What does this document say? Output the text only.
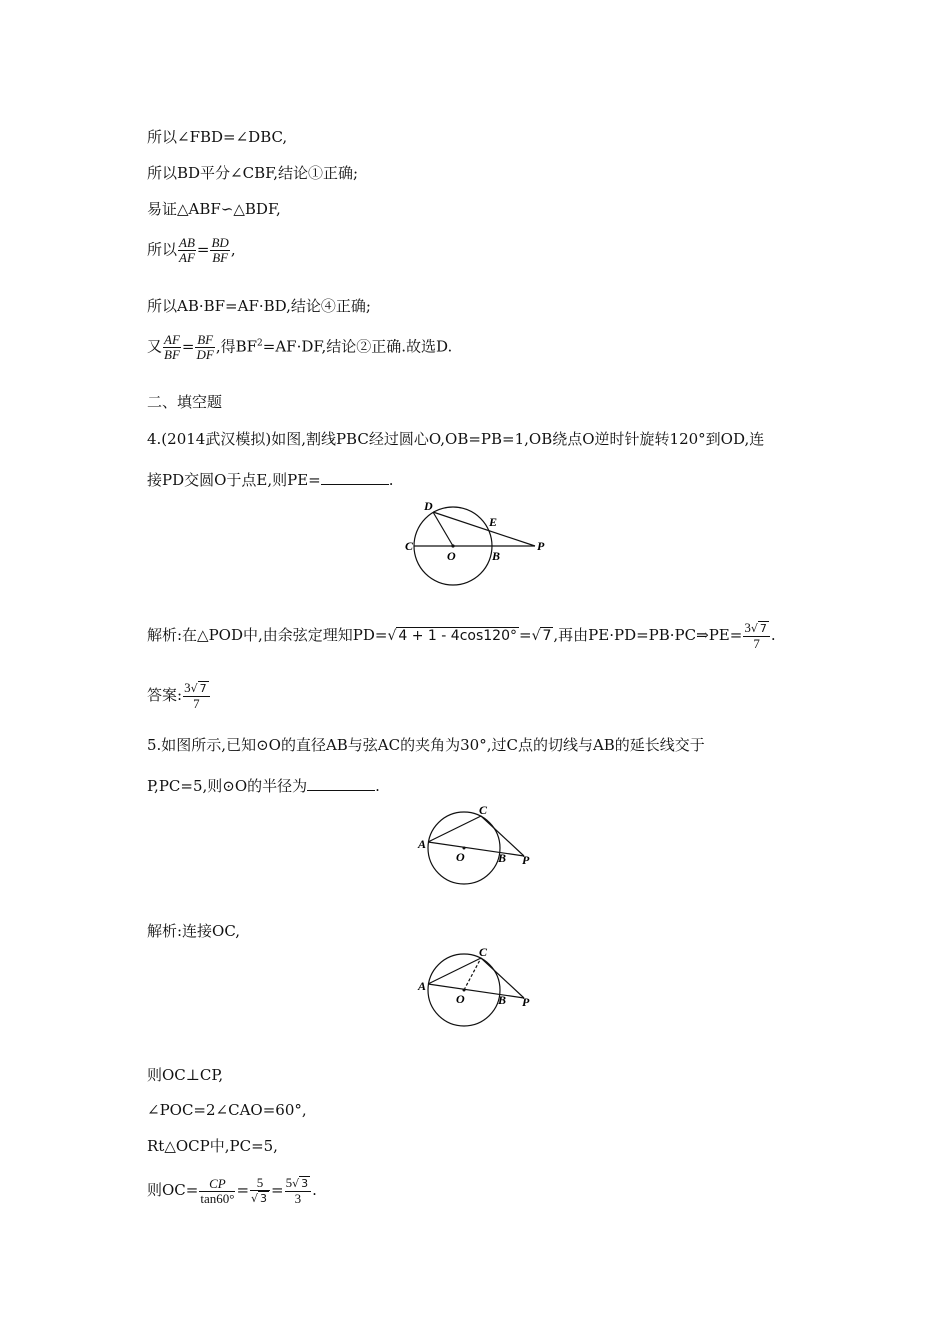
所以∠FBD=∠DBC,
所以BD平分∠CBF,结论①正确;
易证△ABF∽△BDF,
所以 $\frac{AB}{AF} = \frac{BD}{BF}$ ,
所以AB·BF=AF·BD,结论④正确;
又 $\frac{AF}{BF} = \frac{BF}{DF}$ ,得$BF^2=AF\cdot DF$,结论②正确.故选D.
二、填空题
4.(2014武汉模拟)如图,割线PBC经过圆心O,OB=PB=1,OB绕点O逆时针旋转120°到OD,连
接PD交圆O于点E,则PE=	.
D
E
C
O	B
P
解析:在△POD中,由余弦定理知PD=√ 4 + 1 - 4cos120° =√ 7 ,再由PE·PD=PB·PC⇒PE= $\frac{3√ 7}{7}$ .
答案: $\frac{3√ 7}{7}$
5.如图所示,已知⊙O的直径AB与弦AC的夹角为30°,过C点的切线与AB的延长线交于
P,PC=5,则⊙O的半径为	.
C
A
O	B P
解析:连接OC,
C
A
O	B P
则OC⊥CP,
∠POC=2∠CAO=60°,
Rt△OCP中,PC=5,
则$OC= \frac{CP}{\tan 60^\circ} = \frac{5}{√ 3} = \frac{5√ 3}{3}$ .
